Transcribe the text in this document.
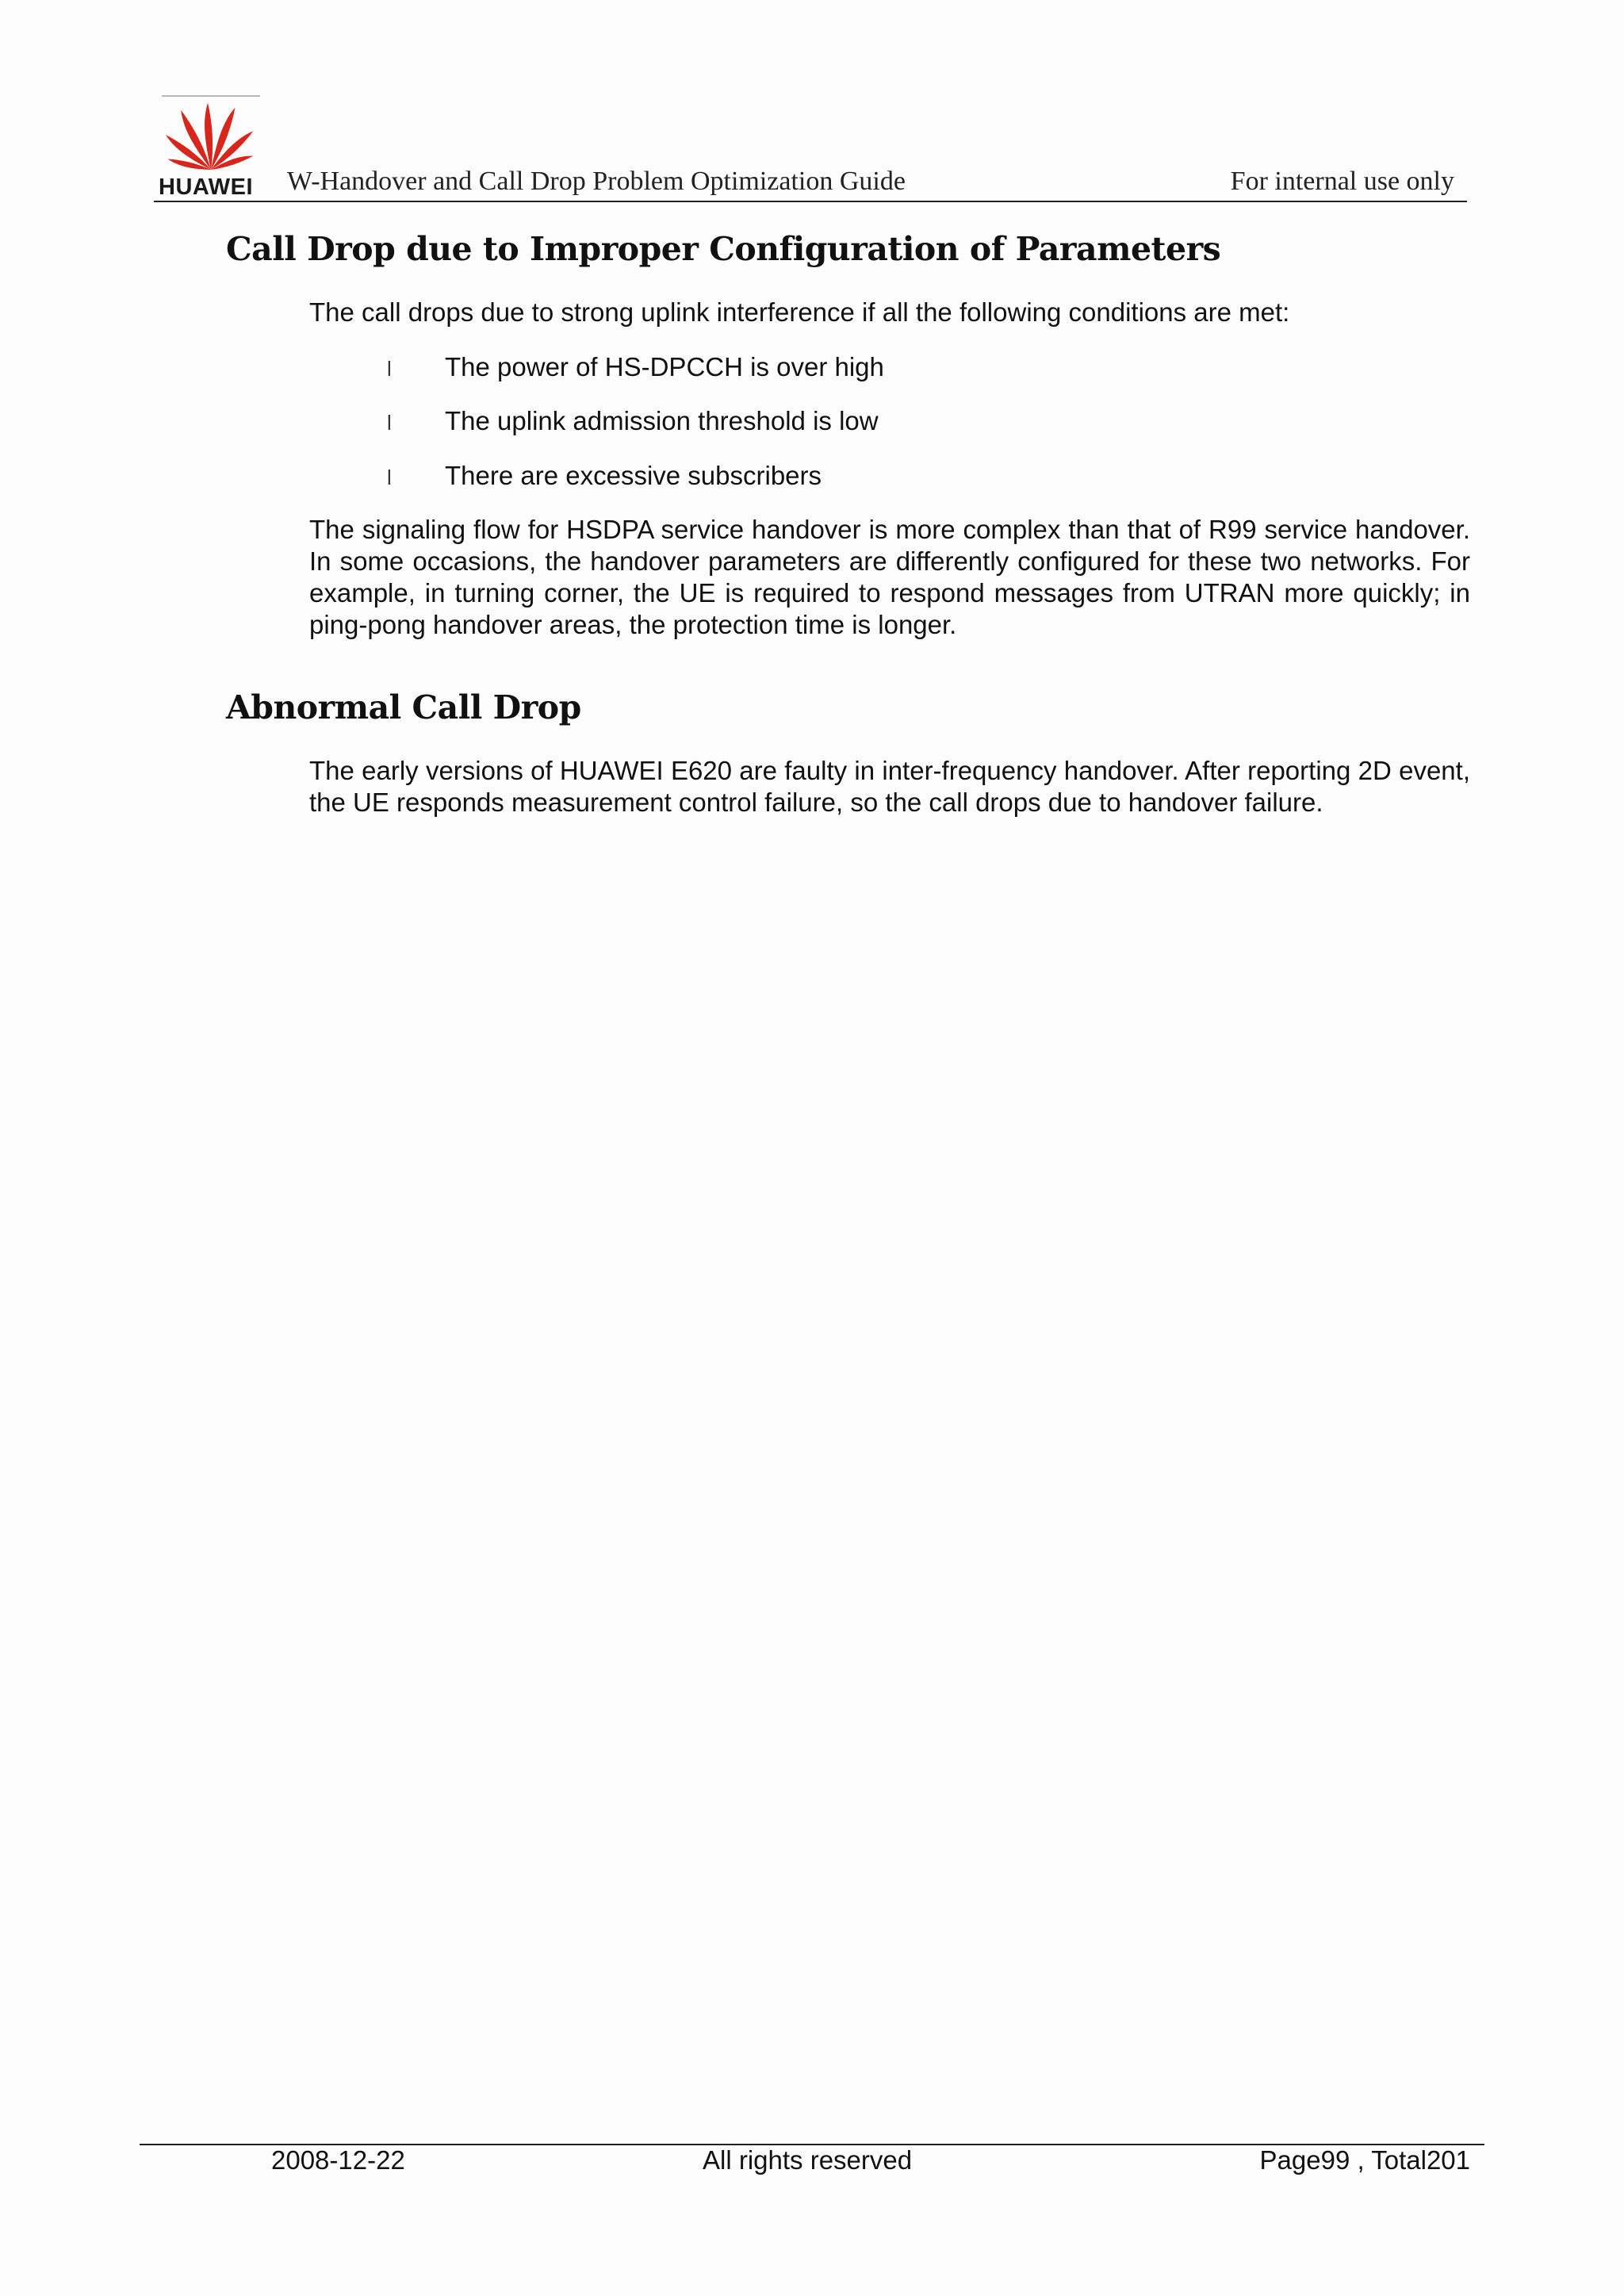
HUAWEI	W-Handover and Call Drop Problem Optimization Guide	For internal use only
Call Drop due to Improper Configuration of Parameters
The call drops due to strong uplink interference if all the following conditions are met:
l The power of HS-DPCCH is over high
l The uplink admission threshold is low
l There are excessive subscribers
The signaling flow for HSDPA service handover is more complex than that of R99 service handover. In some occasions, the handover parameters are differently configured for these two networks. For example, in turning corner, the UE is required to respond messages from UTRAN more quickly; in ping-pong handover areas, the protection time is longer.
Abnormal Call Drop
The early versions of HUAWEI E620 are faulty in inter-frequency handover. After reporting 2D event, the UE responds measurement control failure, so the call drops due to handover failure.
2008-12-22	All rights reserved	Page99 , Total201
